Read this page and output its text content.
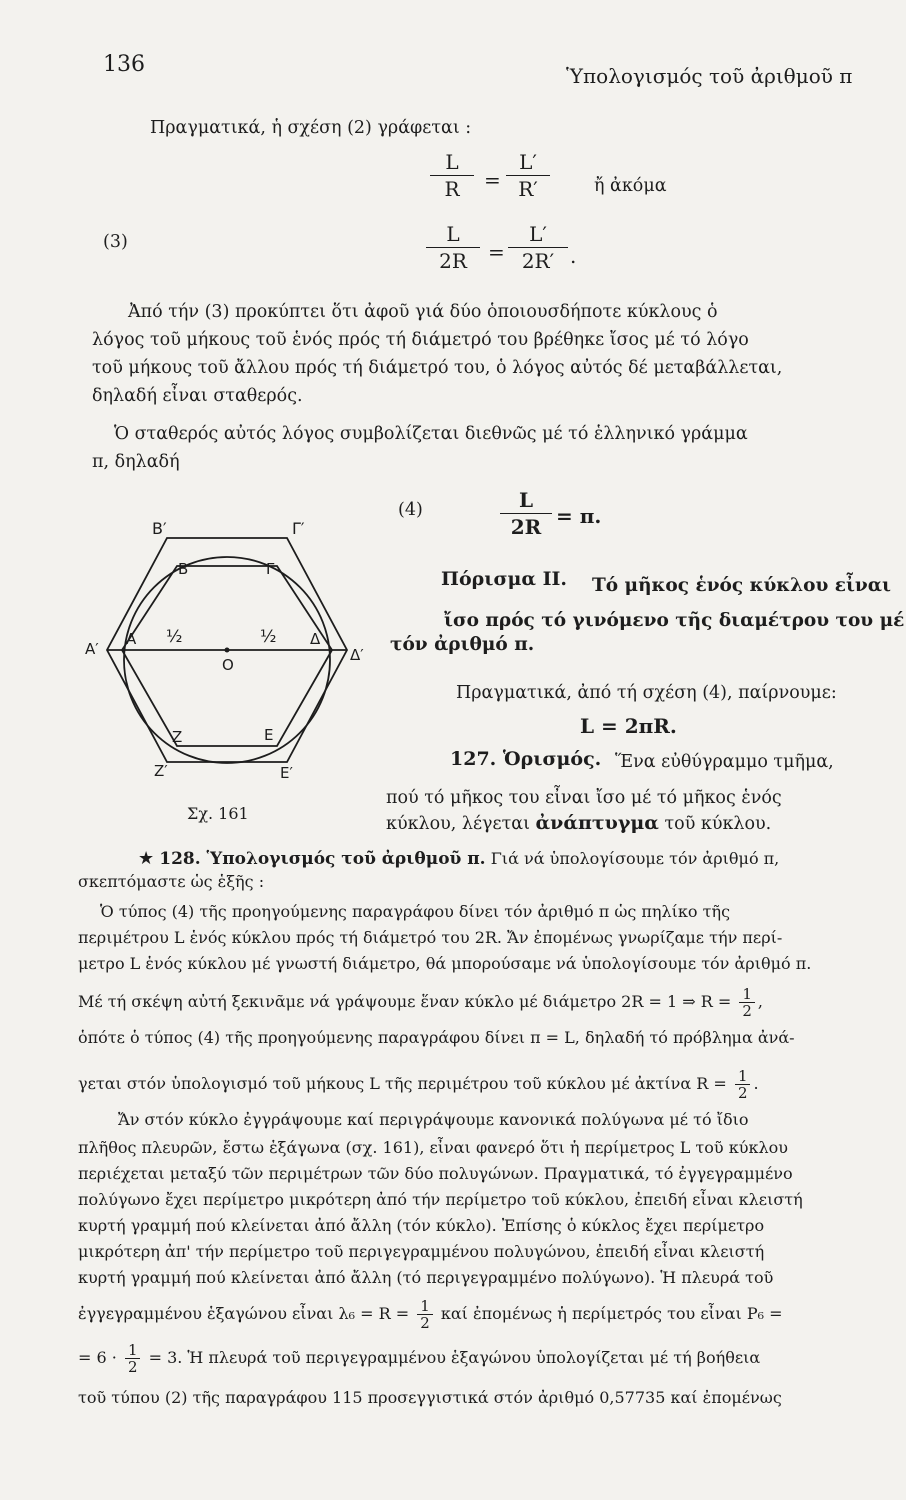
136	Ὑπολογισμός τοῦ ἀριθμοῦ π
Πραγματικά, ἡ σχέση (2) γράφεται :
L
R	=
L′
R′	ἤ ἀκόμα
(3)	L
2R	=
L′
2R′ .
Ἀπό τήν (3) προκύπτει ὅτι ἀφοῦ γιά δύο ὁποιουσδήποτε κύκλους ὁ
λόγος τοῦ μήκους τοῦ ἑνός πρός τή διάμετρό του βρέθηκε ἴσος μέ τό λόγο
τοῦ μήκους τοῦ ἄλλου πρός τή διάμετρό του, ὁ λόγος αὐτός δέ μεταβάλλεται,
δηλαδή εἶναι σταθερός.
Ὁ σταθερός αὐτός λόγος συμβολίζεται διεθνῶς μέ τό ἑλληνικό γράμμα
π, δηλαδή
(4)	L
2R = π.
B′	Γ′
B	Γ
A′
A ½	½ Δ
Δ′
O
Z	E
Z′	E′
Σχ. 161
Πόρισμα II. Τό μῆκος ἑνός κύκλου εἶναι
ἴσο πρός τό γινόμενο τῆς διαμέτρου του μέ
τόν ἀριθμό π.
Πραγματικά, ἀπό τή σχέση (4), παίρνουμε:
L = 2πR.
127. Ὁρισμός. Ἕνα εὐθύγραμμο τμῆμα,
πού τό μῆκος του εἶναι ἴσο μέ τό μῆκος ἑνός
κύκλου, λέγεται ἀνάπτυγμα τοῦ κύκλου.
★ 128. Ὑπολογισμός τοῦ ἀριθμοῦ π. Γιά νά ὑπολογίσουμε τόν ἀριθμό π,
σκεπτόμαστε ὡς ἑξῆς :
Ὁ τύπος (4) τῆς προηγούμενης παραγράφου δίνει τόν ἀριθμό π ὡς πηλίκο τῆς
περιμέτρου L ἑνός κύκλου πρός τή διάμετρό του 2R. Ἄν ἐπομένως γνωρίζαμε τήν περί-
μετρο L ἑνός κύκλου μέ γνωστή διάμετρο, θά μπορούσαμε νά ὑπολογίσουμε τόν ἀριθμό π.
Μέ τή σκέψη αὐτή ξεκινᾶμε νά γράψουμε ἕναν κύκλο μέ διάμετρο 2R = 1 ⇒ $R = \frac{1}{2}$ ,
ὁπότε ὁ τύπος (4) τῆς προηγούμενης παραγράφου δίνει π = L, δηλαδή τό πρόβλημα ἀνά-
γεται στόν ὑπολογισμό τοῦ μήκους L τῆς περιμέτρου τοῦ κύκλου μέ ἀκτίνα $R = \frac{1}{2}$ .
Ἄν στόν κύκλο ἐγγράψουμε καί περιγράψουμε κανονικά πολύγωνα μέ τό ἴδιο
πλῆθος πλευρῶν, ἔστω ἑξάγωνα (σχ. 161), εἶναι φανερό ὅτι ἡ περίμετρος L τοῦ κύκλου
περιέχεται μεταξύ τῶν περιμέτρων τῶν δύο πολυγώνων. Πραγματικά, τό ἐγγεγραμμένο
πολύγωνο ἔχει περίμετρο μικρότερη ἀπό τήν περίμετρο τοῦ κύκλου, ἐπειδή εἶναι κλειστή
κυρτή γραμμή πού κλείνεται ἀπό ἄλλη (τόν κύκλο). Ἐπίσης ὁ κύκλος ἔχει περίμετρο
μικρότερη ἀπ' τήν περίμετρο τοῦ περιγεγραμμένου πολυγώνου, ἐπειδή εἶναι κλειστή
κυρτή γραμμή πού κλείνεται ἀπό ἄλλη (τό περιγεγραμμένο πολύγωνο). Ἡ πλευρά τοῦ
ἐγγεγραμμένου ἑξαγώνου εἶναι $\lambda_6 = R = \frac{1}{2}$ καί ἐπομένως ἡ περίμετρός του εἶναι P₆ =
= $6 \cdot \frac{1}{2} = 3$. Ἡ πλευρά τοῦ περιγεγραμμένου ἑξαγώνου ὑπολογίζεται μέ τή βοήθεια
τοῦ τύπου (2) τῆς παραγράφου 115 προσεγγιστικά στόν ἀριθμό 0,57735 καί ἐπομένως
